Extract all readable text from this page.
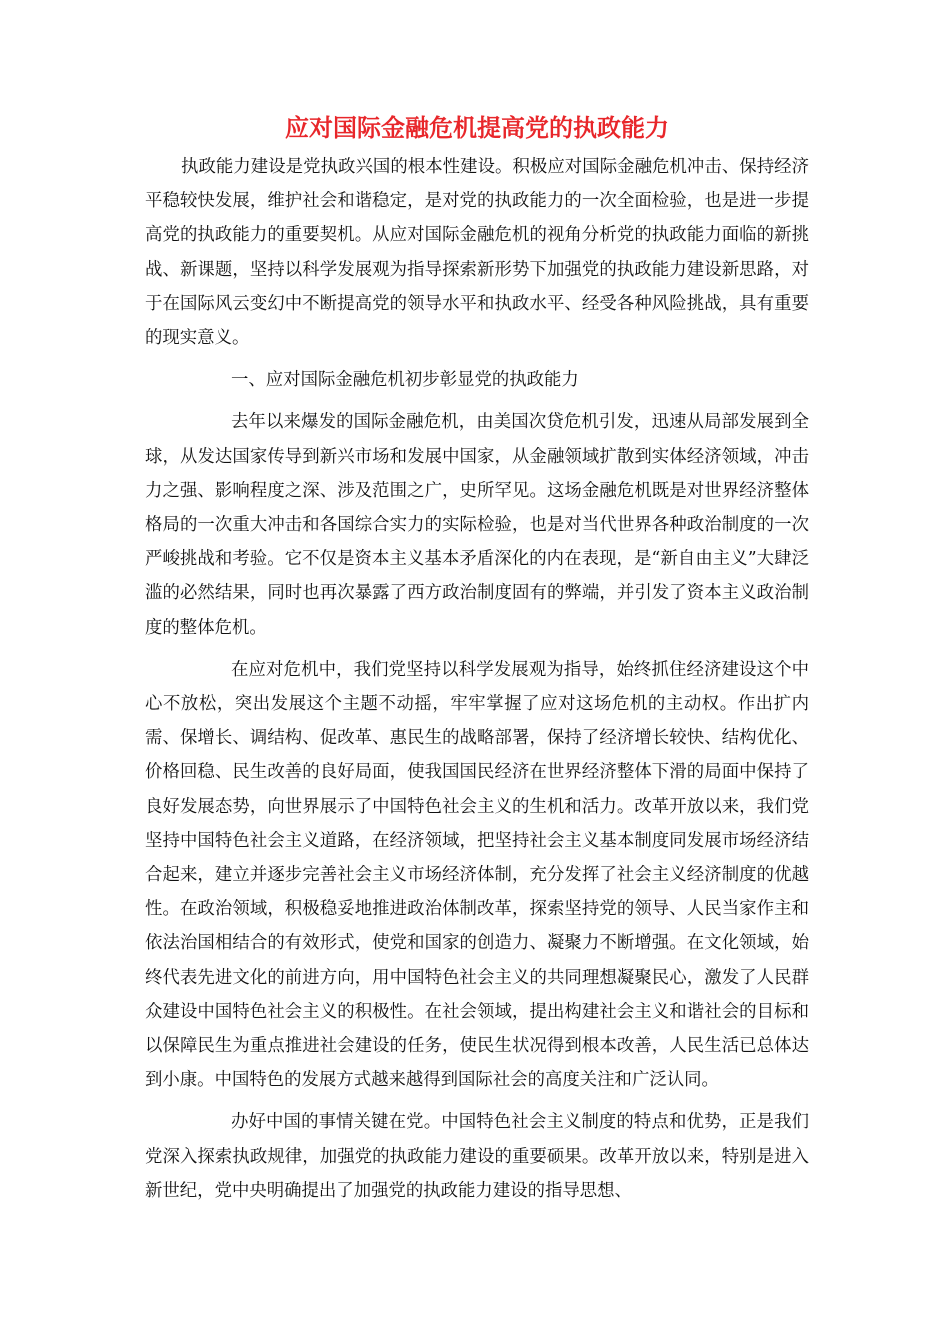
应对国际金融危机提高党的执政能力

执政能力建设是党执政兴国的根本性建设。积极应对国际金融危机冲击、保持经济平稳较快发展，维护社会和谐稳定，是对党的执政能力的一次全面检验，也是进一步提高党的执政能力的重要契机。从应对国际金融危机的视角分析党的执政能力面临的新挑战、新课题，坚持以科学发展观为指导探索新形势下加强党的执政能力建设新思路，对于在国际风云变幻中不断提高党的领导水平和执政水平、经受各种风险挑战，具有重要的现实意义。

一、应对国际金融危机初步彰显党的执政能力

去年以来爆发的国际金融危机，由美国次贷危机引发，迅速从局部发展到全球，从发达国家传导到新兴市场和发展中国家，从金融领域扩散到实体经济领域，冲击力之强、影响程度之深、涉及范围之广，史所罕见。这场金融危机既是对世界经济整体格局的一次重大冲击和各国综合实力的实际检验，也是对当代世界各种政治制度的一次严峻挑战和考验。它不仅是资本主义基本矛盾深化的内在表现，是“新自由主义”大肆泛滥的必然结果，同时也再次暴露了西方政治制度固有的弊端，并引发了资本主义政治制度的整体危机。

在应对危机中，我们党坚持以科学发展观为指导，始终抓住经济建设这个中心不放松，突出发展这个主题不动摇，牢牢掌握了应对这场危机的主动权。作出扩内需、保增长、调结构、促改革、惠民生的战略部署，保持了经济增长较快、结构优化、价格回稳、民生改善的良好局面，使我国国民经济在世界经济整体下滑的局面中保持了良好发展态势，向世界展示了中国特色社会主义的生机和活力。改革开放以来，我们党坚持中国特色社会主义道路，在经济领域，把坚持社会主义基本制度同发展市场经济结合起来，建立并逐步完善社会主义市场经济体制，充分发挥了社会主义经济制度的优越性。在政治领域，积极稳妥地推进政治体制改革，探索坚持党的领导、人民当家作主和依法治国相结合的有效形式，使党和国家的创造力、凝聚力不断增强。在文化领域，始终代表先进文化的前进方向，用中国特色社会主义的共同理想凝聚民心，激发了人民群众建设中国特色社会主义的积极性。在社会领域，提出构建社会主义和谐社会的目标和以保障民生为重点推进社会建设的任务，使民生状况得到根本改善，人民生活已总体达到小康。中国特色的发展方式越来越得到国际社会的高度关注和广泛认同。

办好中国的事情关键在党。中国特色社会主义制度的特点和优势，正是我们党深入探索执政规律，加强党的执政能力建设的重要硕果。改革开放以来，特别是进入新世纪，党中央明确提出了加强党的执政能力建设的指导思想、
